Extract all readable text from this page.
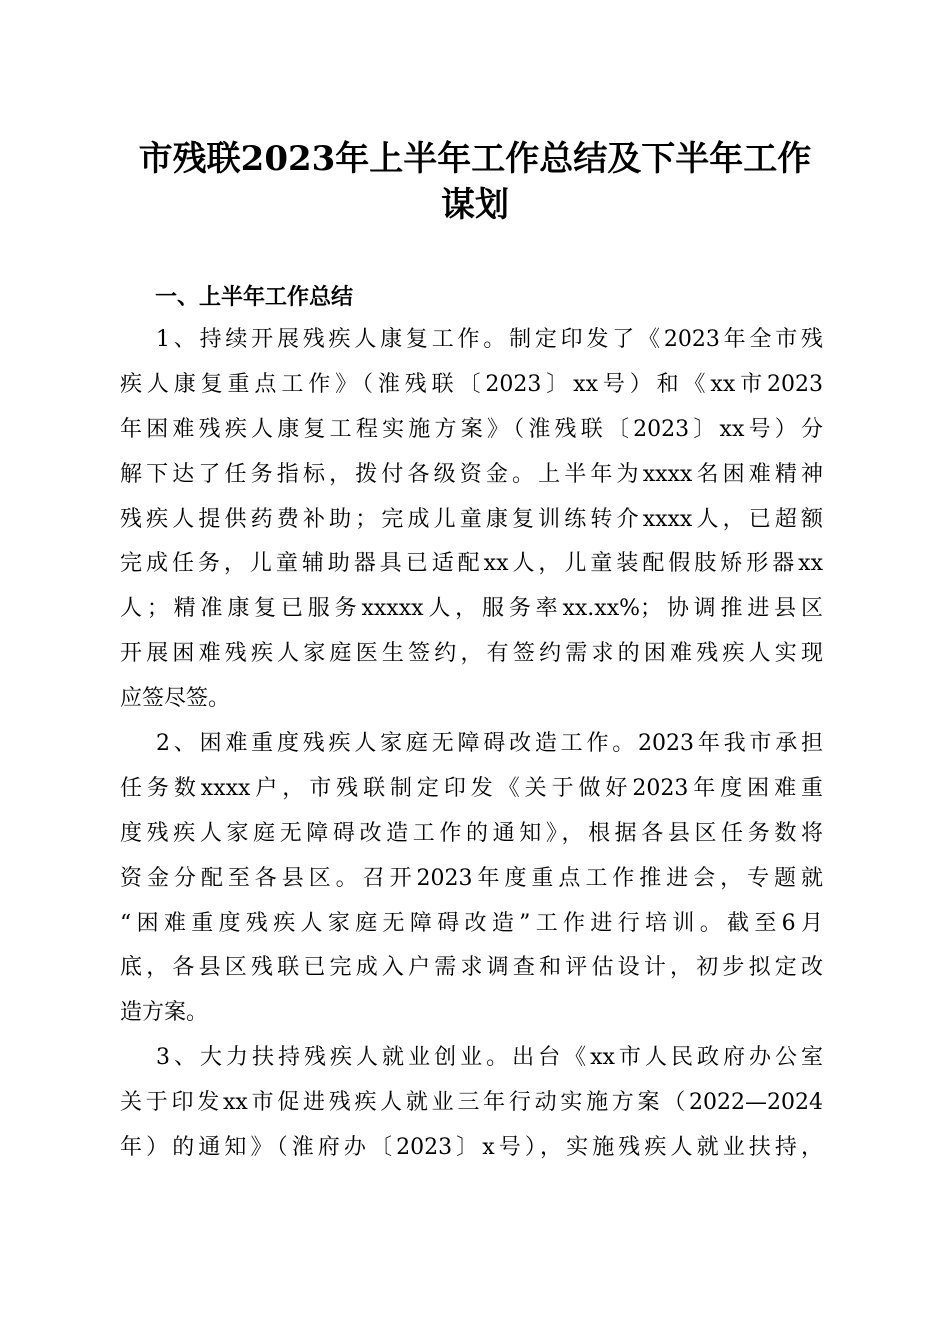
市残联2023年上半年工作总结及下半年工作
谋划
一、上半年工作总结
1、持续开展残疾人康复工作。制定印发了《2023年全市残
疾人康复重点工作》（淮残联〔2023〕xx号）和《xx市2023
年困难残疾人康复工程实施方案》（淮残联〔2023〕xx号）分
解下达了任务指标，拨付各级资金。上半年为xxxx名困难精神
残疾人提供药费补助；完成儿童康复训练转介xxxx人，已超额
完成任务，儿童辅助器具已适配xx人，儿童装配假肢矫形器xx
人；精准康复已服务xxxxx人，服务率xx.xx%；协调推进县区
开展困难残疾人家庭医生签约，有签约需求的困难残疾人实现
应签尽签。
2、困难重度残疾人家庭无障碍改造工作。2023年我市承担
任务数xxxx户，市残联制定印发《关于做好2023年度困难重
度残疾人家庭无障碍改造工作的通知》，根据各县区任务数将
资金分配至各县区。召开2023年度重点工作推进会，专题就
“困难重度残疾人家庭无障碍改造”工作进行培训。截至6月
底，各县区残联已完成入户需求调查和评估设计，初步拟定改
造方案。
3、大力扶持残疾人就业创业。出台《xx市人民政府办公室
关于印发xx市促进残疾人就业三年行动实施方案（2022—2024
年）的通知》（淮府办〔2023〕x号），实施残疾人就业扶持，
